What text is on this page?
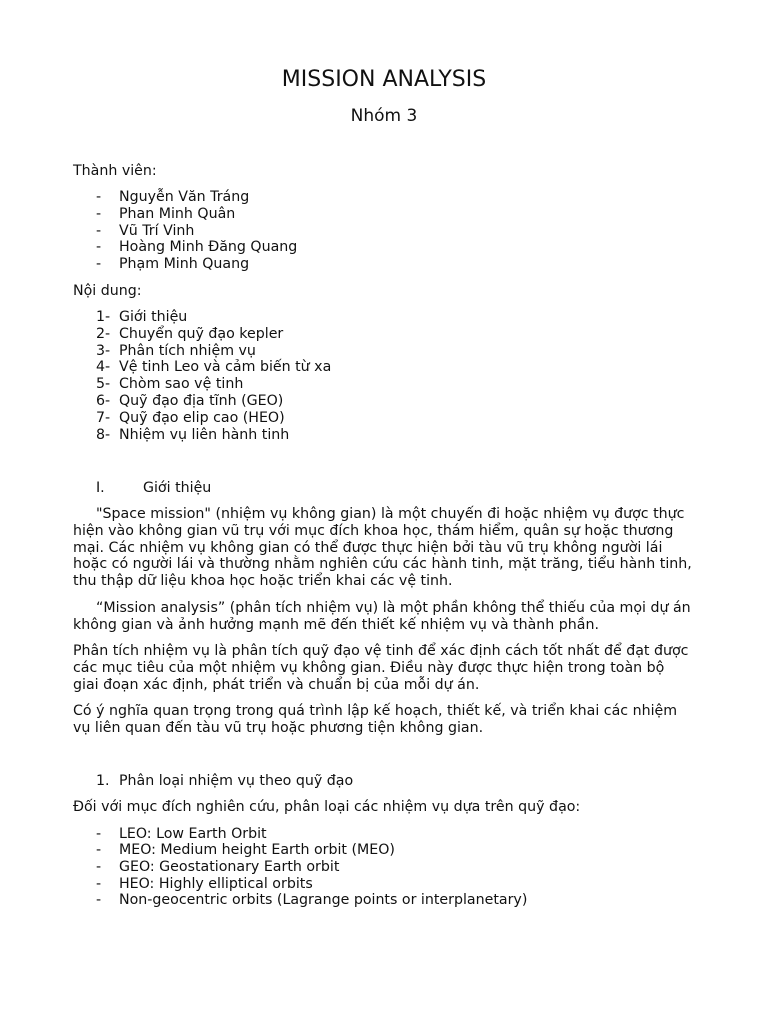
MISSION ANALYSIS
Nhóm 3
Thành viên:
- Nguyễn Văn Tráng
- Phan Minh Quân
- Vũ Trí Vinh
- Hoàng Minh Đăng Quang
- Phạm Minh Quang
Nội dung:
1- Giới thiệu
2- Chuyển quỹ đạo kepler
3- Phân tích nhiệm vụ
4- Vệ tinh Leo và cảm biến từ xa
5- Chòm sao vệ tinh
6- Quỹ đạo địa tĩnh (GEO)
7- Quỹ đạo elip cao (HEO)
8- Nhiệm vụ liên hành tinh
I.	Giới thiệu
"Space mission" (nhiệm vụ không gian) là một chuyến đi hoặc nhiệm vụ được thực
hiện vào không gian vũ trụ với mục đích khoa học, thám hiểm, quân sự hoặc thương
mại. Các nhiệm vụ không gian có thể được thực hiện bởi tàu vũ trụ không người lái
hoặc có người lái và thường nhằm nghiên cứu các hành tinh, mặt trăng, tiểu hành tinh,
thu thập dữ liệu khoa học hoặc triển khai các vệ tinh.
“Mission analysis” (phân tích nhiệm vụ) là một phần không thể thiếu của mọi dự án
không gian và ảnh hưởng mạnh mẽ đến thiết kế nhiệm vụ và thành phần.
Phân tích nhiệm vụ là phân tích quỹ đạo vệ tinh để xác định cách tốt nhất để đạt được
các mục tiêu của một nhiệm vụ không gian. Điều này được thực hiện trong toàn bộ
giai đoạn xác định, phát triển và chuẩn bị của mỗi dự án.
Có ý nghĩa quan trọng trong quá trình lập kế hoạch, thiết kế, và triển khai các nhiệm
vụ liên quan đến tàu vũ trụ hoặc phương tiện không gian.
1. Phân loại nhiệm vụ theo quỹ đạo
Đối với mục đích nghiên cứu, phân loại các nhiệm vụ dựa trên quỹ đạo:
- LEO: Low Earth Orbit
- MEO: Medium height Earth orbit (MEO)
- GEO: Geostationary Earth orbit
- HEO: Highly elliptical orbits
- Non-geocentric orbits (Lagrange points or interplanetary)
